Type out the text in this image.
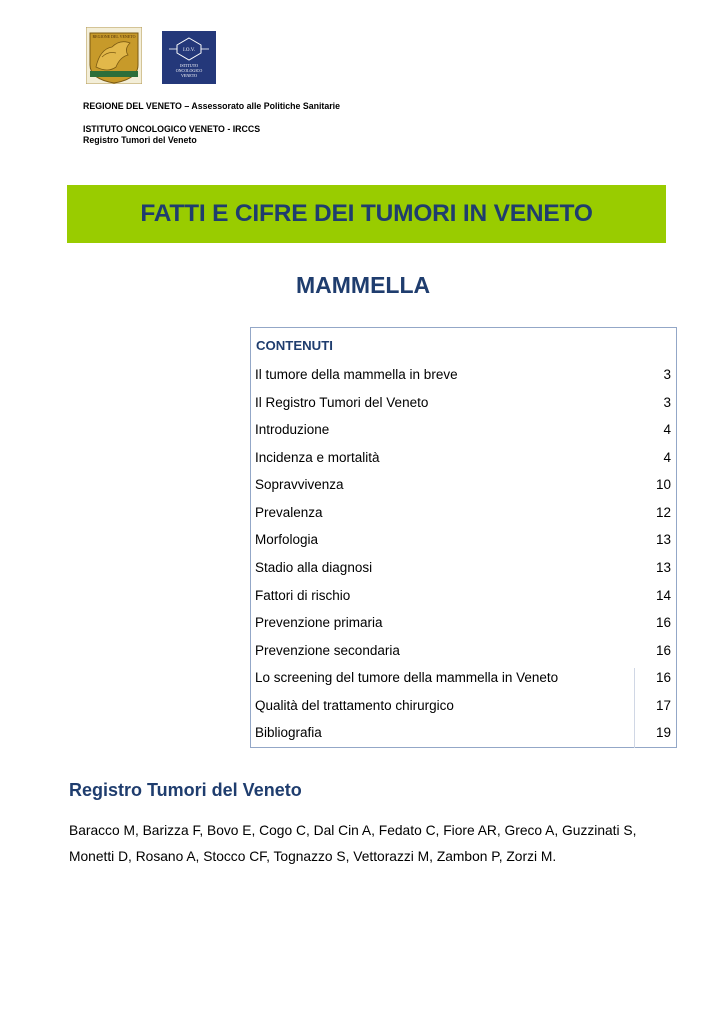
REGIONE DEL VENETO
I.O.V.
ISTITUTO
ONCOLOGICO
VENETO
REGIONE DEL VENETO – Assessorato alle Politiche Sanitarie
ISTITUTO ONCOLOGICO VENETO - IRCCS
Registro Tumori del Veneto
FATTI E CIFRE DEI TUMORI IN VENETO
MAMMELLA
CONTENUTI
Il tumore della mammella in breve	3
Il Registro Tumori del Veneto	3
Introduzione	4
Incidenza e mortalità	4
Sopravvivenza	10
Prevalenza	12
Morfologia	13
Stadio alla diagnosi	13
Fattori di rischio	14
Prevenzione primaria	16
Prevenzione secondaria	16
Lo screening del tumore della mammella in Veneto	16
Qualità del trattamento chirurgico	17
Bibliografia	19
Registro Tumori del Veneto
Baracco M, Barizza F, Bovo E, Cogo C, Dal Cin A, Fedato C, Fiore AR, Greco A, Guzzinati S, Monetti D, Rosano A, Stocco CF, Tognazzo S, Vettorazzi M, Zambon P, Zorzi M.
